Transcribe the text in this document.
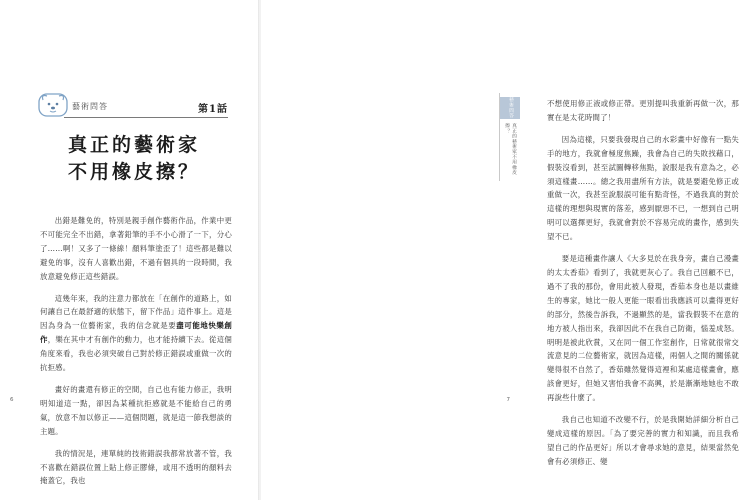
藝術問答	第1話
真正的藝術家
不用橡皮擦？

出錯是難免的，特別是親手創作藝術作品，作業中更不可能完全不出錯，拿著鉛筆的手不小心滑了一下，分心了……啊！又多了一條線！顏料筆塗歪了！這些都是難以避免的事，沒有人喜歡出錯，不過有個具的一段時間，我放意避免修正這些錯誤。

這幾年來，我的注意力都放在「在創作的道路上，如何讓自己在最舒適的狀態下，留下作品」這件事上。這是因為身為一位藝術家，我的信念就是要盡可能地快樂創作，樂在其中才有創作的動力，也才能持續下去。從這個角度來看，我也必須突破自己對於修正錯誤或重做一次的抗拒感。

畫好的畫還有修正的空間，自己也有能力修正，我明明知道這一點，卻因為某種抗拒感就是不能給自己的勇氣，放意不加以修正——這個問題，就是這一節我想談的主題。

我的情況是，連單純的技術錯誤我都常放著不管，我不喜歡在錯誤位置上貼上修正膠條，或用不透明的顏料去掩蓋它，我也

6

不想使用修正液或修正帶。更別提叫我重新再做一次，那實在是太花時間了！

因為這樣，只要我發現自己的水彩畫中好像有一點失手的地方，我就會極度焦躁，我會為自己的失敗找藉口，假裝沒看到，甚至試圖轉移焦點，說服是我有意為之，必須這樣畫……。總之我用盡所有方法，就是要避免修正或重做一次，我甚至說服誤可能有點奇怪，不過我真的對於這樣的理想與現實的落差，感到厭惡不已，一想到自己明明可以選擇更好，我就會對於不容易完成的畫作，感到失望不已。

要是這種畫作讓人《大多見於在我身旁，畫自己漫畫的太太香茹》看到了，我就更灰心了。我自己回顧不已，過不了我的那份，會用此被人發現，香茹本身也是以畫維生的專家，她比一般人更能一眼看出我應該可以畫得更好的部分，然後告訴我，不過顯然的是，當我假裝不在意的地方被人指出來，我卻因此不在我自己防衛，惱羞成怒。明明是被此欣賞，又在同一個工作室創作，日常就很常交流意見的二位藝術家，就因為這樣，兩個人之間的關係就變得很不自然了，香茹雖然覺得這裡和某處這樣畫會，應該會更好，但她又害怕我會不高興，於是漸漸地她也不敢再說些什麼了。

我自己也知道不改變不行，於是我開始詳細分析自己變成這樣的原因。「為了要完善的實力和知識，而且我希望自己的作品更好」所以才會尋求她的意見，結果當然免會有必須修正、變

藝術問答
真正的藝術家不用橡皮擦？
7
